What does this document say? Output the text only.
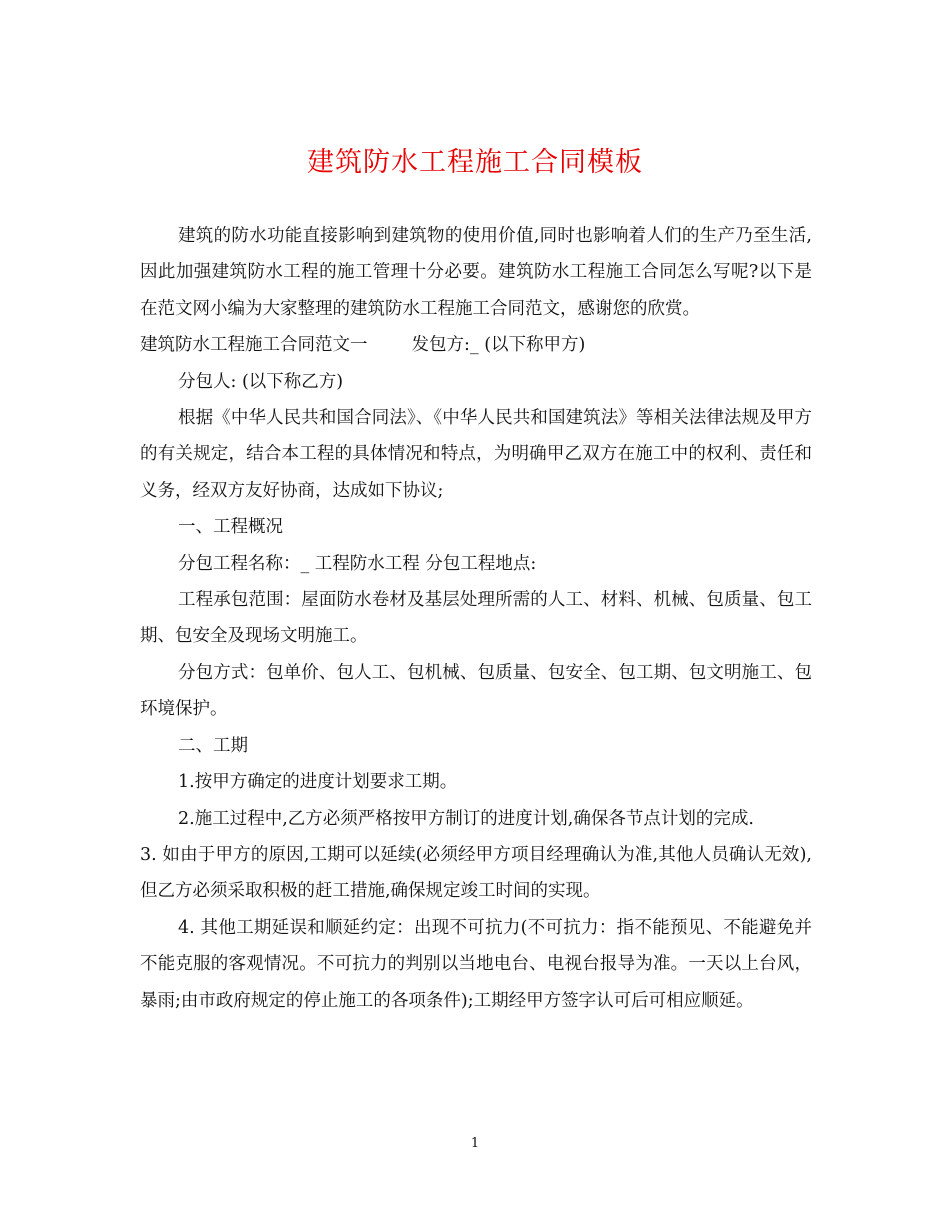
建筑防水工程施工合同模板

建筑的防水功能直接影响到建筑物的使用价值,同时也影响着人们的生产乃至生活,因此加强建筑防水工程的施工管理十分必要。建筑防水工程施工合同怎么写呢?以下是在范文网小编为大家整理的建筑防水工程施工合同范文，感谢您的欣赏。

建筑防水工程施工合同范文一	发包方:_ (以下称甲方)

分包人: (以下称乙方)

根据《中华人民共和国合同法》、《中华人民共和国建筑法》等相关法律法规及甲方的有关规定，结合本工程的具体情况和特点，为明确甲乙双方在施工中的权利、责任和义务，经双方友好协商，达成如下协议;

一、工程概况

分包工程名称：_ 工程防水工程 分包工程地点:

工程承包范围：屋面防水卷材及基层处理所需的人工、材料、机械、包质量、包工期、包安全及现场文明施工。

分包方式：包单价、包人工、包机械、包质量、包安全、包工期、包文明施工、包环境保护。

二、工期

1.按甲方确定的进度计划要求工期。

2.施工过程中,乙方必须严格按甲方制订的进度计划,确保各节点计划的完成.

3. 如由于甲方的原因,工期可以延续(必须经甲方项目经理确认为准,其他人员确认无效),但乙方必须采取积极的赶工措施,确保规定竣工时间的实现。

4. 其他工期延误和顺延约定：出现不可抗力(不可抗力：指不能预见、不能避免并不能克服的客观情况。不可抗力的判别以当地电台、电视台报导为准。一天以上台风，暴雨;由市政府规定的停止施工的各项条件);工期经甲方签字认可后可相应顺延。

1
